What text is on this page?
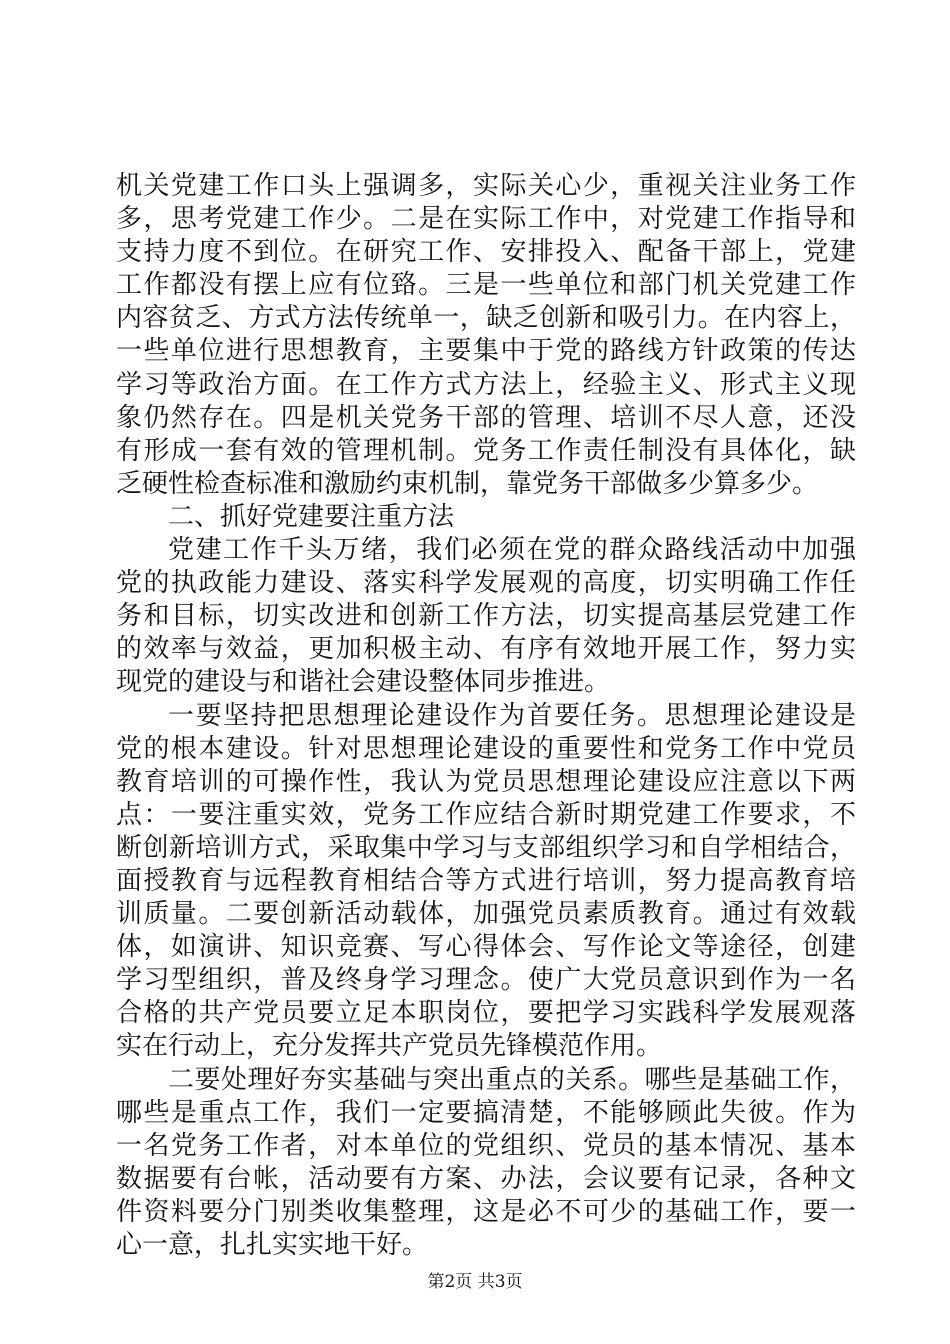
机关党建工作口头上强调多，实际关心少，重视关注业务工作
多，思考党建工作少。二是在实际工作中，对党建工作指导和
支持力度不到位。在研究工作、安排投入、配备干部上，党建
工作都没有摆上应有位臵。三是一些单位和部门机关党建工作
内容贫乏、方式方法传统单一，缺乏创新和吸引力。在内容上，
一些单位进行思想教育，主要集中于党的路线方针政策的传达
学习等政治方面。在工作方式方法上，经验主义、形式主义现
象仍然存在。四是机关党务干部的管理、培训不尽人意，还没
有形成一套有效的管理机制。党务工作责任制没有具体化，缺
乏硬性检查标准和激励约束机制，靠党务干部做多少算多少。
二、抓好党建要注重方法
党建工作千头万绪，我们必须在党的群众路线活动中加强
党的执政能力建设、落实科学发展观的高度，切实明确工作任
务和目标，切实改进和创新工作方法，切实提高基层党建工作
的效率与效益，更加积极主动、有序有效地开展工作，努力实
现党的建设与和谐社会建设整体同步推进。
一要坚持把思想理论建设作为首要任务。思想理论建设是
党的根本建设。针对思想理论建设的重要性和党务工作中党员
教育培训的可操作性，我认为党员思想理论建设应注意以下两
点：一要注重实效，党务工作应结合新时期党建工作要求，不
断创新培训方式，采取集中学习与支部组织学习和自学相结合，
面授教育与远程教育相结合等方式进行培训，努力提高教育培
训质量。二要创新活动载体，加强党员素质教育。通过有效载
体，如演讲、知识竞赛、写心得体会、写作论文等途径，创建
学习型组织，普及终身学习理念。使广大党员意识到作为一名
合格的共产党员要立足本职岗位，要把学习实践科学发展观落
实在行动上，充分发挥共产党员先锋模范作用。
二要处理好夯实基础与突出重点的关系。哪些是基础工作，
哪些是重点工作，我们一定要搞清楚，不能够顾此失彼。作为
一名党务工作者，对本单位的党组织、党员的基本情况、基本
数据要有台帐，活动要有方案、办法，会议要有记录，各种文
件资料要分门别类收集整理，这是必不可少的基础工作，要一
心一意，扎扎实实地干好。
第2页 共3页
